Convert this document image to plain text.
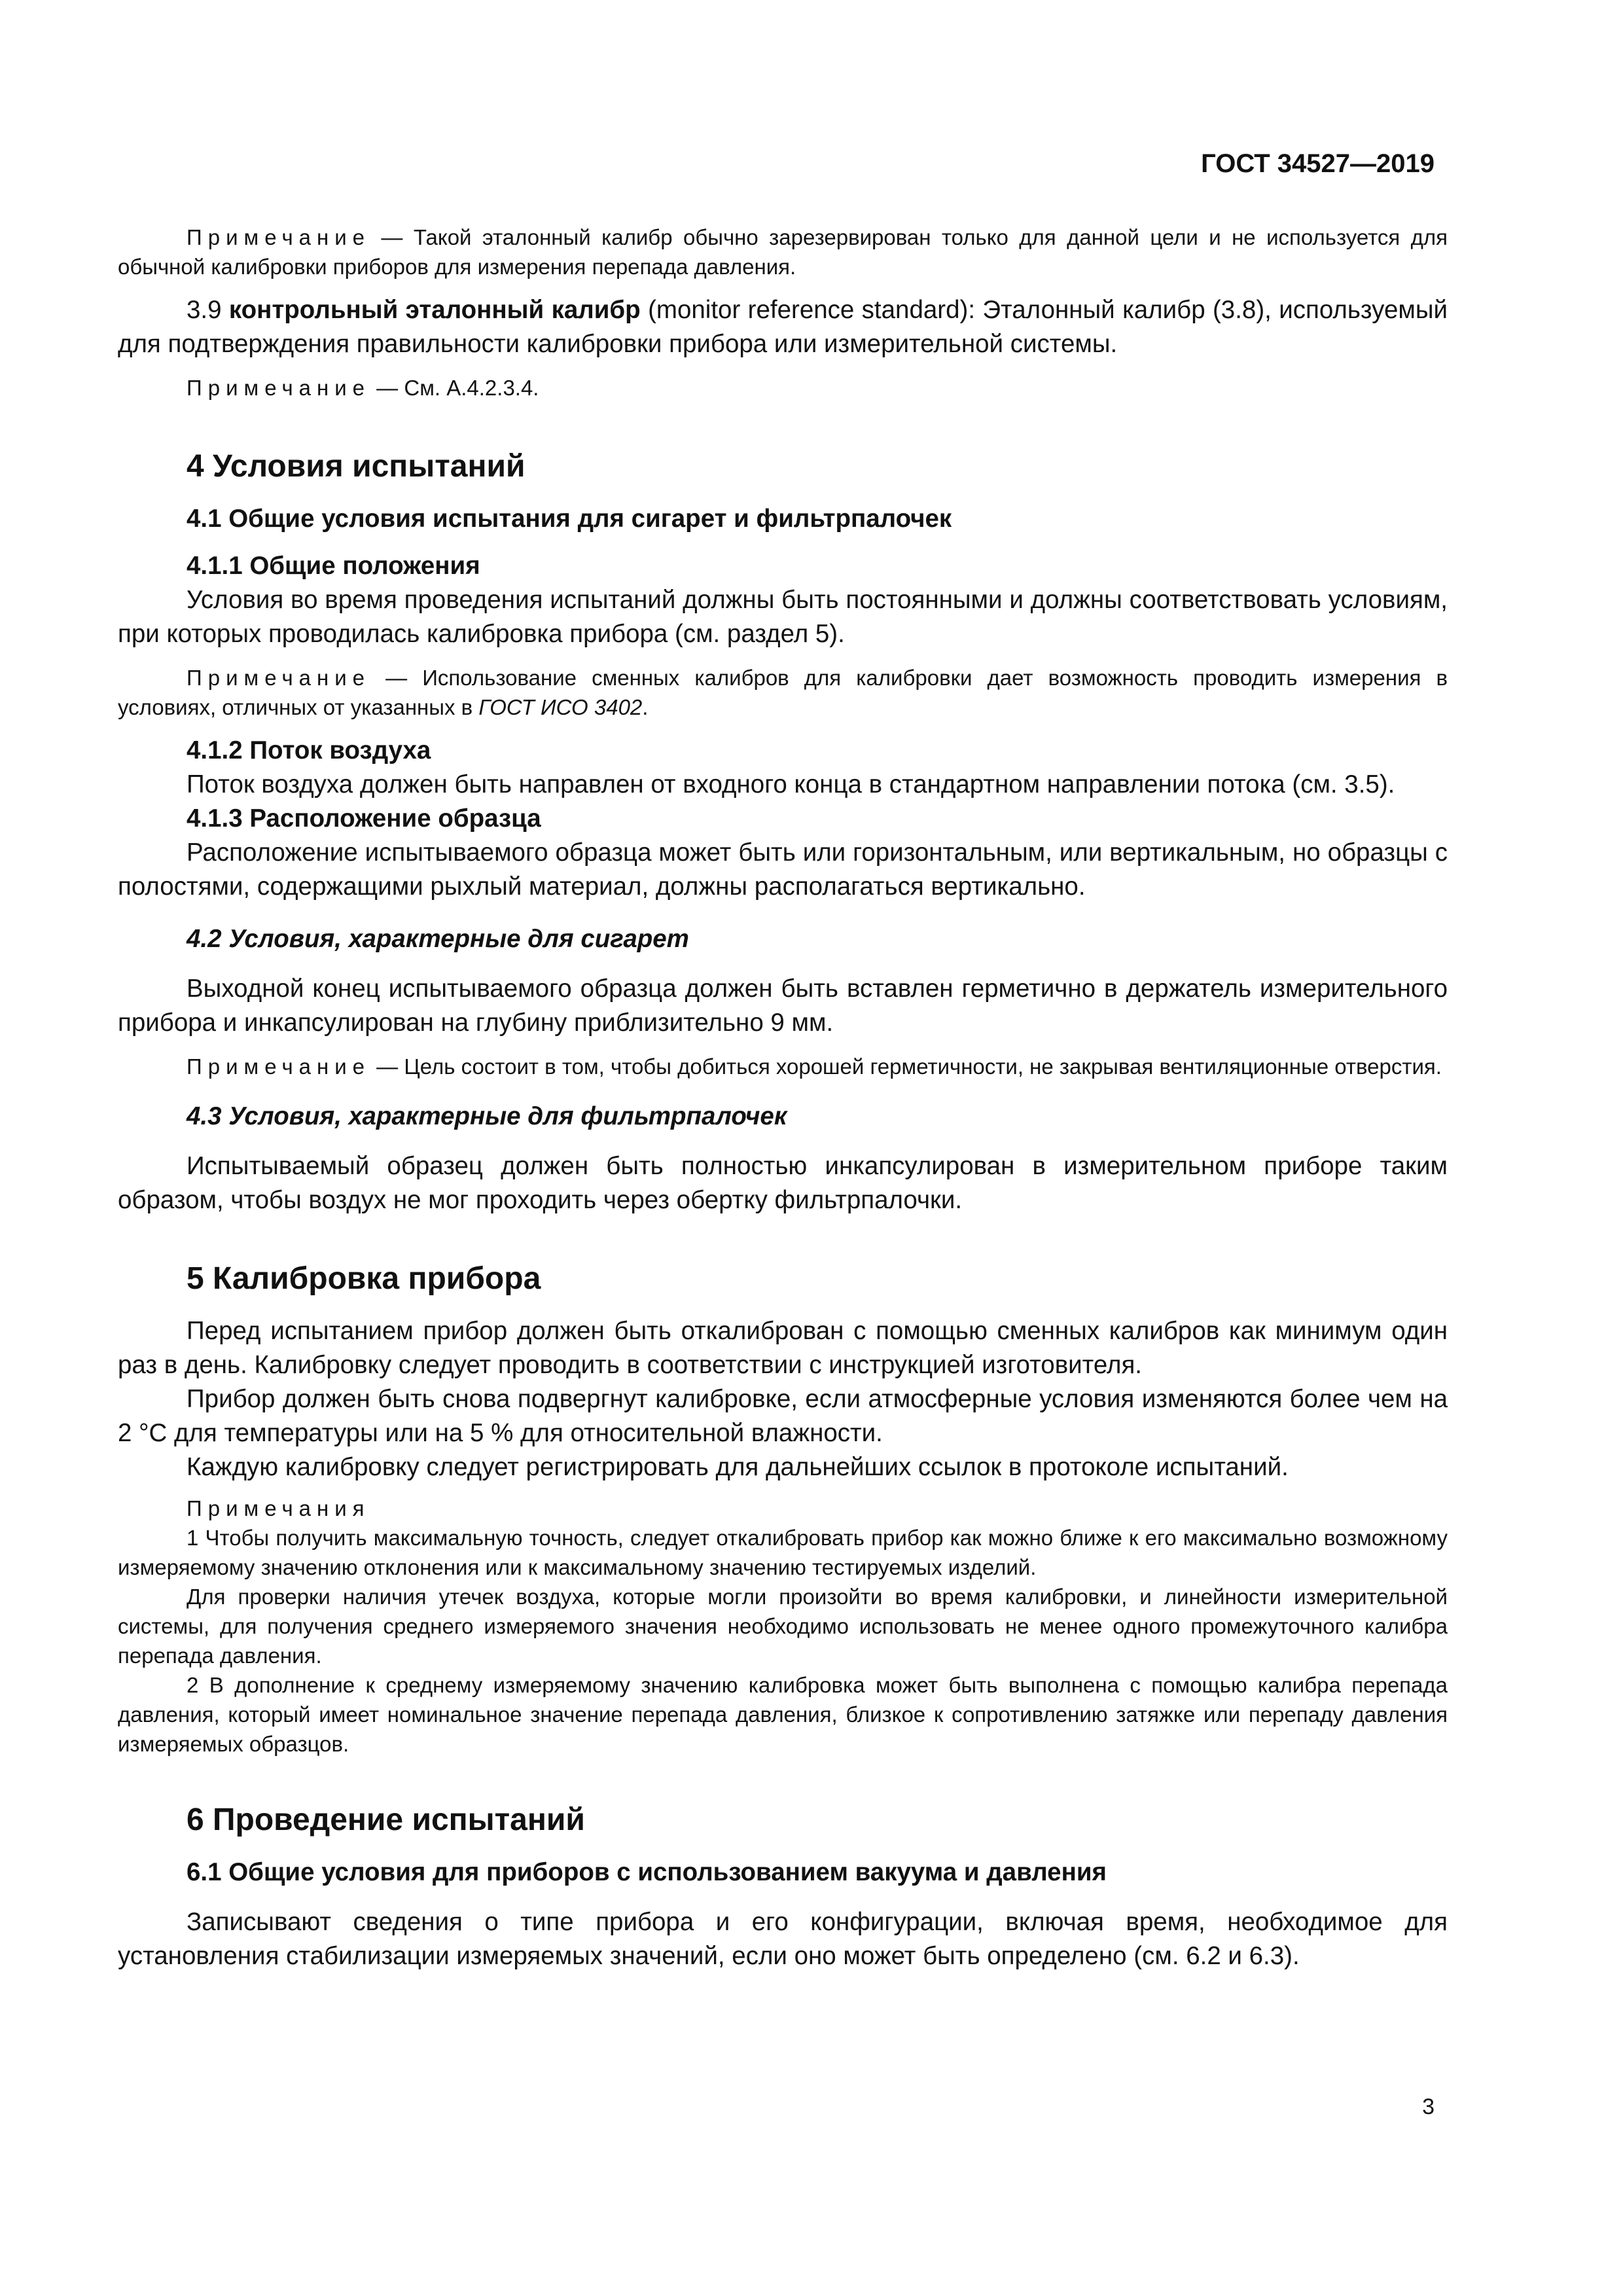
ГОСТ 34527—2019

Примечание — Такой эталонный калибр обычно зарезервирован только для данной цели и не используется для обычной калибровки приборов для измерения перепада давления.

3.9 контрольный эталонный калибр (monitor reference standard): Эталонный калибр (3.8), используемый для подтверждения правильности калибровки прибора или измерительной системы.

Примечание — См. А.4.2.3.4.

4 Условия испытаний

4.1 Общие условия испытания для сигарет и фильтрпалочек

4.1.1 Общие положения

Условия во время проведения испытаний должны быть постоянными и должны соответствовать условиям, при которых проводилась калибровка прибора (см. раздел 5).

Примечание — Использование сменных калибров для калибровки дает возможность проводить измерения в условиях, отличных от указанных в ГОСТ ИСО 3402.

4.1.2 Поток воздуха

Поток воздуха должен быть направлен от входного конца в стандартном направлении потока (см. 3.5).

4.1.3 Расположение образца

Расположение испытываемого образца может быть или горизонтальным, или вертикальным, но образцы с полостями, содержащими рыхлый материал, должны располагаться вертикально.

4.2 Условия, характерные для сигарет

Выходной конец испытываемого образца должен быть вставлен герметично в держатель измерительного прибора и инкапсулирован на глубину приблизительно 9 мм.

Примечание — Цель состоит в том, чтобы добиться хорошей герметичности, не закрывая вентиляционные отверстия.

4.3 Условия, характерные для фильтрпалочек

Испытываемый образец должен быть полностью инкапсулирован в измерительном приборе таким образом, чтобы воздух не мог проходить через обертку фильтрпалочки.

5 Калибровка прибора

Перед испытанием прибор должен быть откалиброван с помощью сменных калибров как минимум один раз в день. Калибровку следует проводить в соответствии с инструкцией изготовителя.

Прибор должен быть снова подвергнут калибровке, если атмосферные условия изменяются более чем на 2 °С для температуры или на 5 % для относительной влажности.

Каждую калибровку следует регистрировать для дальнейших ссылок в протоколе испытаний.

Примечания

1 Чтобы получить максимальную точность, следует откалибровать прибор как можно ближе к его максимально возможному измеряемому значению отклонения или к максимальному значению тестируемых изделий.

Для проверки наличия утечек воздуха, которые могли произойти во время калибровки, и линейности измерительной системы, для получения среднего измеряемого значения необходимо использовать не менее одного промежуточного калибра перепада давления.

2 В дополнение к среднему измеряемому значению калибровка может быть выполнена с помощью калибра перепада давления, который имеет номинальное значение перепада давления, близкое к сопротивлению затяжке или перепаду давления измеряемых образцов.

6 Проведение испытаний

6.1 Общие условия для приборов с использованием вакуума и давления

Записывают сведения о типе прибора и его конфигурации, включая время, необходимое для установления стабилизации измеряемых значений, если оно может быть определено (см. 6.2 и 6.3).

3
